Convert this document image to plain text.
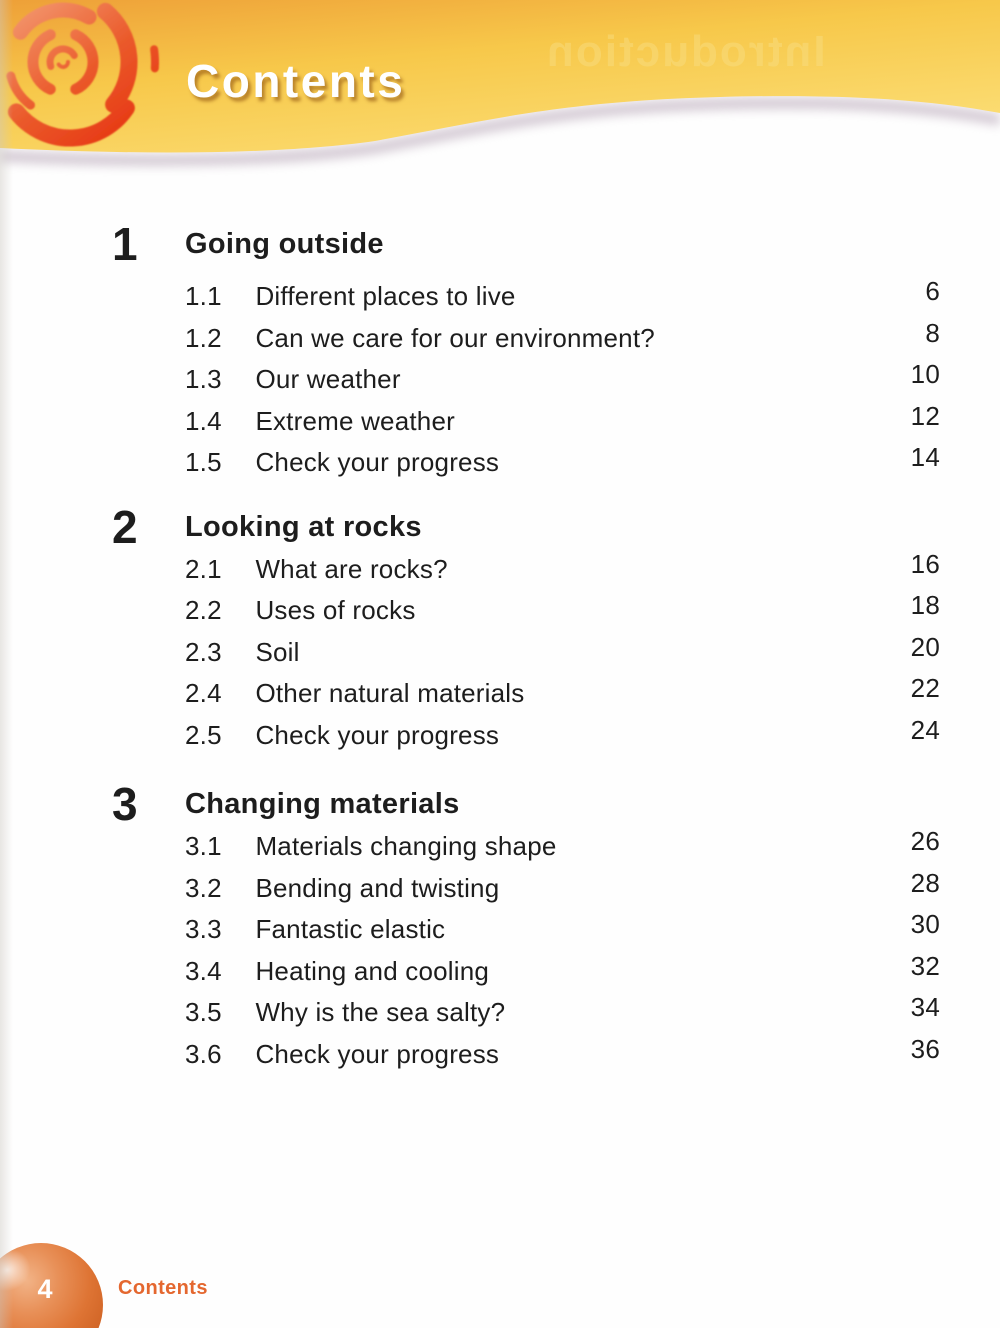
Introduction
Contents
1 Going outside
1.1 Different places to live	6
1.2 Can we care for our environment?	8
1.3 Our weather	10
1.4 Extreme weather	12
1.5 Check your progress	14
2 Looking at rocks
2.1 What are rocks?	16
2.2 Uses of rocks	18
2.3 Soil	20
2.4 Other natural materials	22
2.5 Check your progress	24
3 Changing materials
3.1 Materials changing shape	26
3.2 Bending and twisting	28
3.3 Fantastic elastic	30
3.4 Heating and cooling	32
3.5 Why is the sea salty?	34
3.6 Check your progress	36
4	Contents
